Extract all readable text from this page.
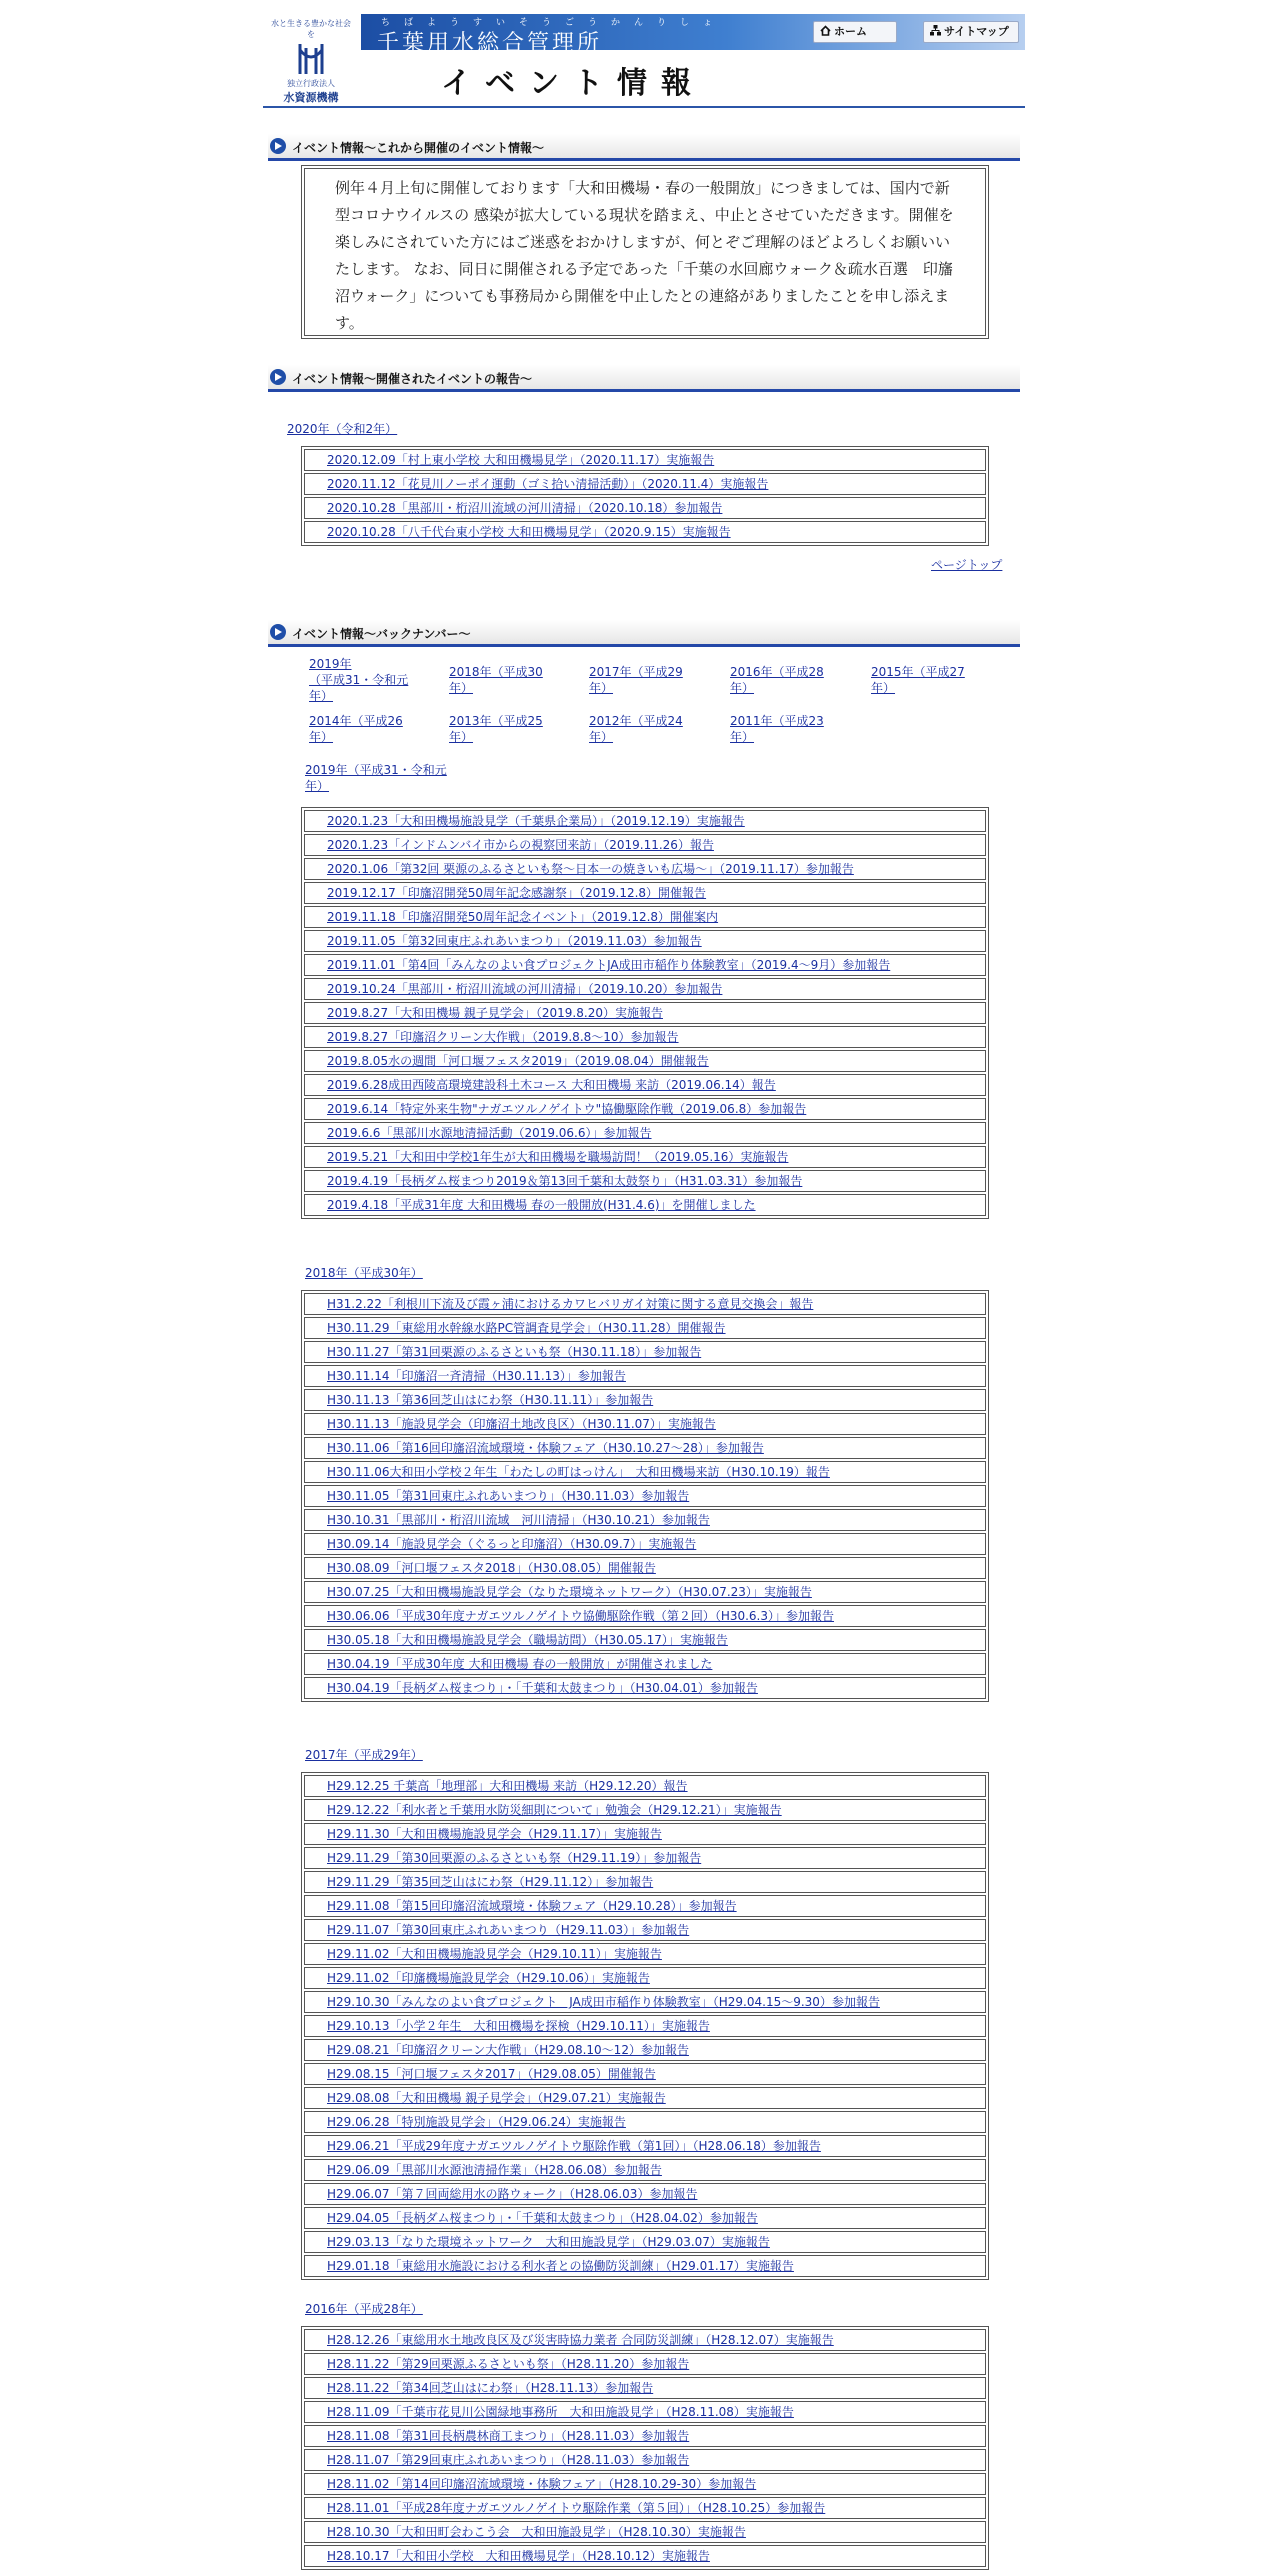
水と生きる豊かな社会を
独立行政法人
水資源機構
ちばようすいそうごうかんりしょ
千葉用水総合管理所	ホーム	サイトマップ
イベント情報
イベント情報～これから開催のイベント情報～
例年４月上旬に開催しております「大和田機場・春の一般開放」につきましては、国内で新型コロナウイルスの 感染が拡大している現状を踏まえ、中止とさせていただきます。開催を楽しみにされていた方にはご迷惑をおかけしますが、何とぞご理解のほどよろしくお願いいたします。 なお、同日に開催される予定であった「千葉の水回廊ウォーク＆疏水百選　印旛沼ウォーク」についても事務局から開催を中止したとの連絡がありましたことを申し添えます。
イベント情報～開催されたイベントの報告～
2020年（令和2年）
2020.12.09「村上東小学校 大和田機場見学」（2020.11.17）実施報告
2020.11.12「花見川ノーポイ運動（ゴミ拾い清掃活動）」（2020.11.4）実施報告
2020.10.28「黒部川・桁沼川流域の河川清掃」（2020.10.18）参加報告
2020.10.28「八千代台東小学校 大和田機場見学」（2020.9.15）実施報告
ページトップ
イベント情報～バックナンバー～
2019年
（平成31・令和元
年）
2018年（平成30
年）
2017年（平成29
年）
2016年（平成28
年）
2015年（平成27
年）
2014年（平成26
年）
2013年（平成25
年）
2012年（平成24
年）
2011年（平成23
年）
2019年（平成31・令和元
年）
2020.1.23「大和田機場施設見学（千葉県企業局）」（2019.12.19）実施報告
2020.1.23「インドムンバイ市からの視察団来訪」（2019.11.26）報告
2020.1.06「第32回 栗源のふるさといも祭～日本一の焼きいも広場～」（2019.11.17）参加報告
2019.12.17「印旛沼開発50周年記念感謝祭」（2019.12.8）開催報告
2019.11.18「印旛沼開発50周年記念イベント」（2019.12.8）開催案内
2019.11.05「第32回東庄ふれあいまつり」（2019.11.03）参加報告
2019.11.01「第4回「みんなのよい食プロジェクトJA成田市稲作り体験教室」（2019.4～9月）参加報告
2019.10.24「黒部川・桁沼川流域の河川清掃」（2019.10.20）参加報告
2019.8.27「大和田機場 親子見学会」（2019.8.20）実施報告
2019.8.27「印旛沼クリーン大作戦」（2019.8.8～10）参加報告
2019.8.05水の週間「河口堰フェスタ2019」（2019.08.04）開催報告
2019.6.28成田西陵高環境建設科土木コース 大和田機場 来訪（2019.06.14）報告
2019.6.14「特定外来生物"ナガエツルノゲイトウ"協働駆除作戦（2019.06.8）参加報告
2019.6.6「黒部川水源地清掃活動（2019.06.6）」参加報告
2019.5.21「大和田中学校1年生が大和田機場を職場訪問！（2019.05.16）実施報告
2019.4.19「長柄ダム桜まつり2019＆第13回千葉和太鼓祭り」（H31.03.31）参加報告
2019.4.18「平成31年度 大和田機場 春の一般開放(H31.4.6)」を開催しました
2018年（平成30年）
H31.2.22「利根川下流及び霞ヶ浦におけるカワヒバリガイ対策に関する意見交換会」報告
H30.11.29「東総用水幹線水路PC管調査見学会」（H30.11.28）開催報告
H30.11.27「第31回栗源のふるさといも祭（H30.11.18）」参加報告
H30.11.14「印旛沼一斉清掃（H30.11.13）」参加報告
H30.11.13「第36回芝山はにわ祭（H30.11.11）」参加報告
H30.11.13「施設見学会（印旛沼土地改良区）（H30.11.07）」実施報告
H30.11.06「第16回印旛沼流域環境・体験フェア（H30.10.27～28）」参加報告
H30.11.06大和田小学校２年生「わたしの町はっけん」　大和田機場来訪（H30.10.19）報告
H30.11.05「第31回東庄ふれあいまつり」（H30.11.03）参加報告
H30.10.31「黒部川・桁沼川流域　河川清掃」（H30.10.21）参加報告
H30.09.14「施設見学会（ぐるっと印旛沼）（H30.09.7）」実施報告
H30.08.09「河口堰フェスタ2018」（H30.08.05）開催報告
H30.07.25「大和田機場施設見学会（なりた環境ネットワーク）（H30.07.23）」実施報告
H30.06.06「平成30年度ナガエツルノゲイトウ協働駆除作戦（第２回）（H30.6.3）」参加報告
H30.05.18「大和田機場施設見学会（職場訪問）（H30.05.17）」実施報告
H30.04.19「平成30年度 大和田機場 春の一般開放」が開催されました
H30.04.19「長柄ダム桜まつり」・「千葉和太鼓まつり」（H30.04.01）参加報告
2017年（平成29年）
H29.12.25 千葉高「地理部」大和田機場 来訪（H29.12.20）報告
H29.12.22「利水者と千葉用水防災細則について」勉強会（H29.12.21）」実施報告
H29.11.30「大和田機場施設見学会（H29.11.17）」実施報告
H29.11.29「第30回栗源のふるさといも祭（H29.11.19）」参加報告
H29.11.29「第35回芝山はにわ祭（H29.11.12）」参加報告
H29.11.08「第15回印旛沼流域環境・体験フェア（H29.10.28）」参加報告
H29.11.07「第30回東庄ふれあいまつり（H29.11.03）」参加報告
H29.11.02「大和田機場施設見学会（H29.10.11）」実施報告
H29.11.02「印旛機場施設見学会（H29.10.06）」実施報告
H29.10.30「みんなのよい食プロジェクト　JA成田市稲作り体験教室」（H29.04.15～9.30）参加報告
H29.10.13「小学２年生　大和田機場を探検（H29.10.11）」実施報告
H29.08.21「印旛沼クリーン大作戦」（H29.08.10～12）参加報告
H29.08.15「河口堰フェスタ2017」（H29.08.05）開催報告
H29.08.08「大和田機場 親子見学会」（H29.07.21）実施報告
H29.06.28「特別施設見学会」（H29.06.24）実施報告
H29.06.21「平成29年度ナガエツルノゲイトウ駆除作戦（第1回）」（H28.06.18）参加報告
H29.06.09「黒部川水源池清掃作業」（H28.06.08）参加報告
H29.06.07「第７回両総用水の路ウォーク」（H28.06.03）参加報告
H29.04.05「長柄ダム桜まつり」・「千葉和太鼓まつり」（H28.04.02）参加報告
H29.03.13「なりた環境ネットワーク　大和田施設見学」（H29.03.07）実施報告
H29.01.18「東総用水施設における利水者との協働防災訓練」（H29.01.17）実施報告
2016年（平成28年）
H28.12.26「東総用水土地改良区及び災害時協力業者 合同防災訓練」（H28.12.07）実施報告
H28.11.22「第29回栗源ふるさといも祭」（H28.11.20）参加報告
H28.11.22「第34回芝山はにわ祭」（H28.11.13）参加報告
H28.11.09「千葉市花見川公園緑地事務所　大和田施設見学」（H28.11.08）実施報告
H28.11.08「第31回長柄農林商工まつり」（H28.11.03）参加報告
H28.11.07「第29回東庄ふれあいまつり」（H28.11.03）参加報告
H28.11.02「第14回印旛沼流域環境・体験フェア」（H28.10.29-30）参加報告
H28.11.01「平成28年度ナガエツルノゲイトウ駆除作業（第５回）」（H28.10.25）参加報告
H28.10.30「大和田町会わこう会　大和田施設見学」（H28.10.30）実施報告
H28.10.17「大和田小学校　大和田機場見学」（H28.10.12）実施報告
